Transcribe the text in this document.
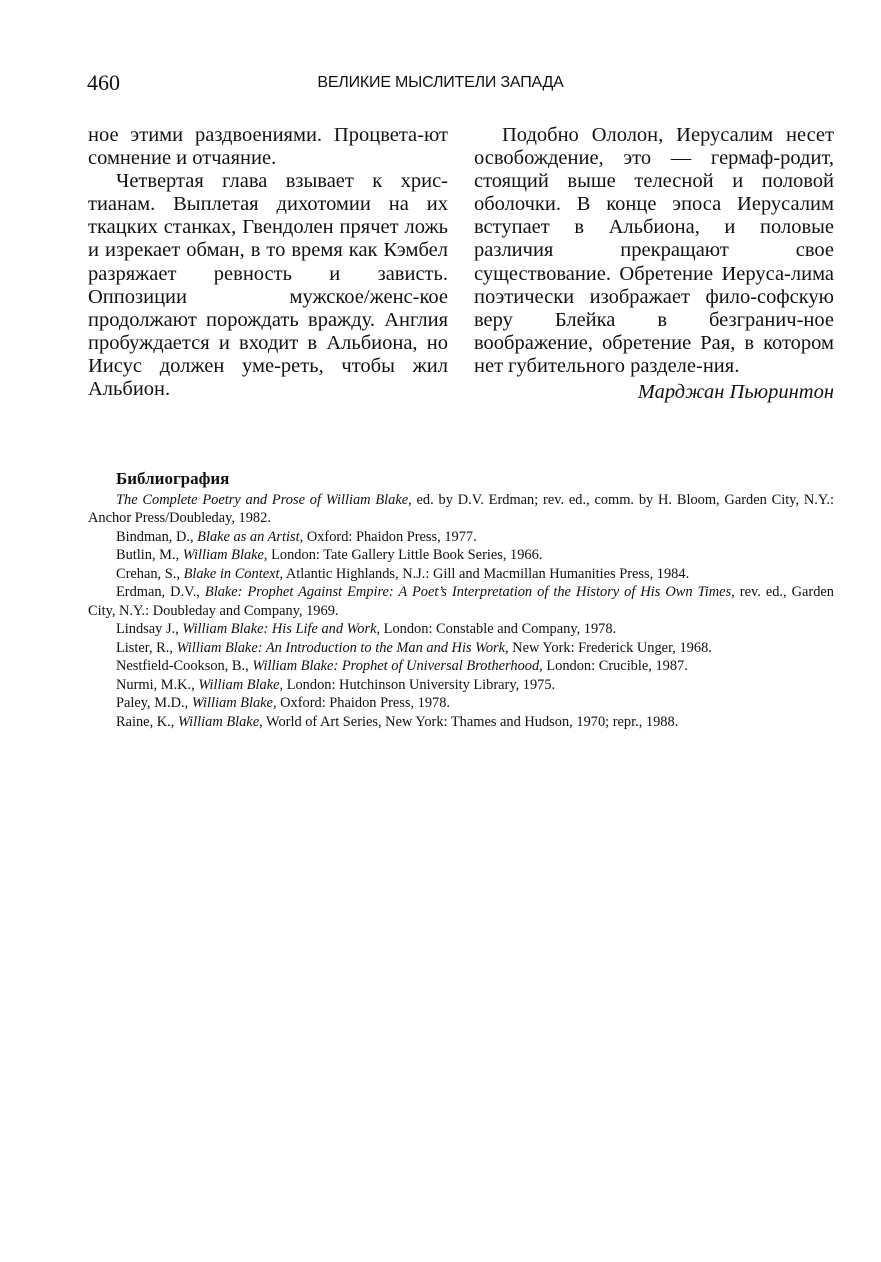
460	ВЕЛИКИЕ МЫСЛИТЕЛИ ЗАПАДА

ное этими раздвоениями. Процвета-ют сомнение и отчаяние.

Четвертая глава взывает к хрис-тианам. Выплетая дихотомии на их ткацких станках, Гвендолен прячет ложь и изрекает обман, в то время как Кэмбел разряжает ревность и зависть. Оппозиции мужское/женс-кое продолжают порождать вражду. Англия пробуждается и входит в Альбиона, но Иисус должен уме-реть, чтобы жил Альбион.

Подобно Ололон, Иерусалим несет освобождение, это — гермаф-родит, стоящий выше телесной и половой оболочки. В конце эпоса Иерусалим вступает в Альбиона, и половые различия прекращают свое существование. Обретение Иеруса-лима поэтически изображает фило-софскую веру Блейка в безгранич-ное воображение, обретение Рая, в котором нет губительного разделе-ния.

Марджан Пьюринтон
Библиография
The Complete Poetry and Prose of William Blake, ed. by D.V. Erdman; rev. ed., comm. by H. Bloom, Garden City, N.Y.: Anchor Press/Doubleday, 1982.
Bindman, D., Blake as an Artist, Oxford: Phaidon Press, 1977.
Butlin, M., William Blake, London: Tate Gallery Little Book Series, 1966.
Crehan, S., Blake in Context, Atlantic Highlands, N.J.: Gill and Macmillan Humanities Press, 1984.
Erdman, D.V., Blake: Prophet Against Empire: A Poet’s Interpretation of the History of His Own Times, rev. ed., Garden City, N.Y.: Doubleday and Company, 1969.
Lindsay J., William Blake: His Life and Work, London: Constable and Company, 1978.
Lister, R., William Blake: An Introduction to the Man and His Work, New York: Frederick Unger, 1968.
Nestfield-Cookson, B., William Blake: Prophet of Universal Brotherhood, London: Crucible, 1987.
Nurmi, M.K., William Blake, London: Hutchinson University Library, 1975.
Paley, M.D., William Blake, Oxford: Phaidon Press, 1978.
Raine, K., William Blake, World of Art Series, New York: Thames and Hudson, 1970; repr., 1988.
